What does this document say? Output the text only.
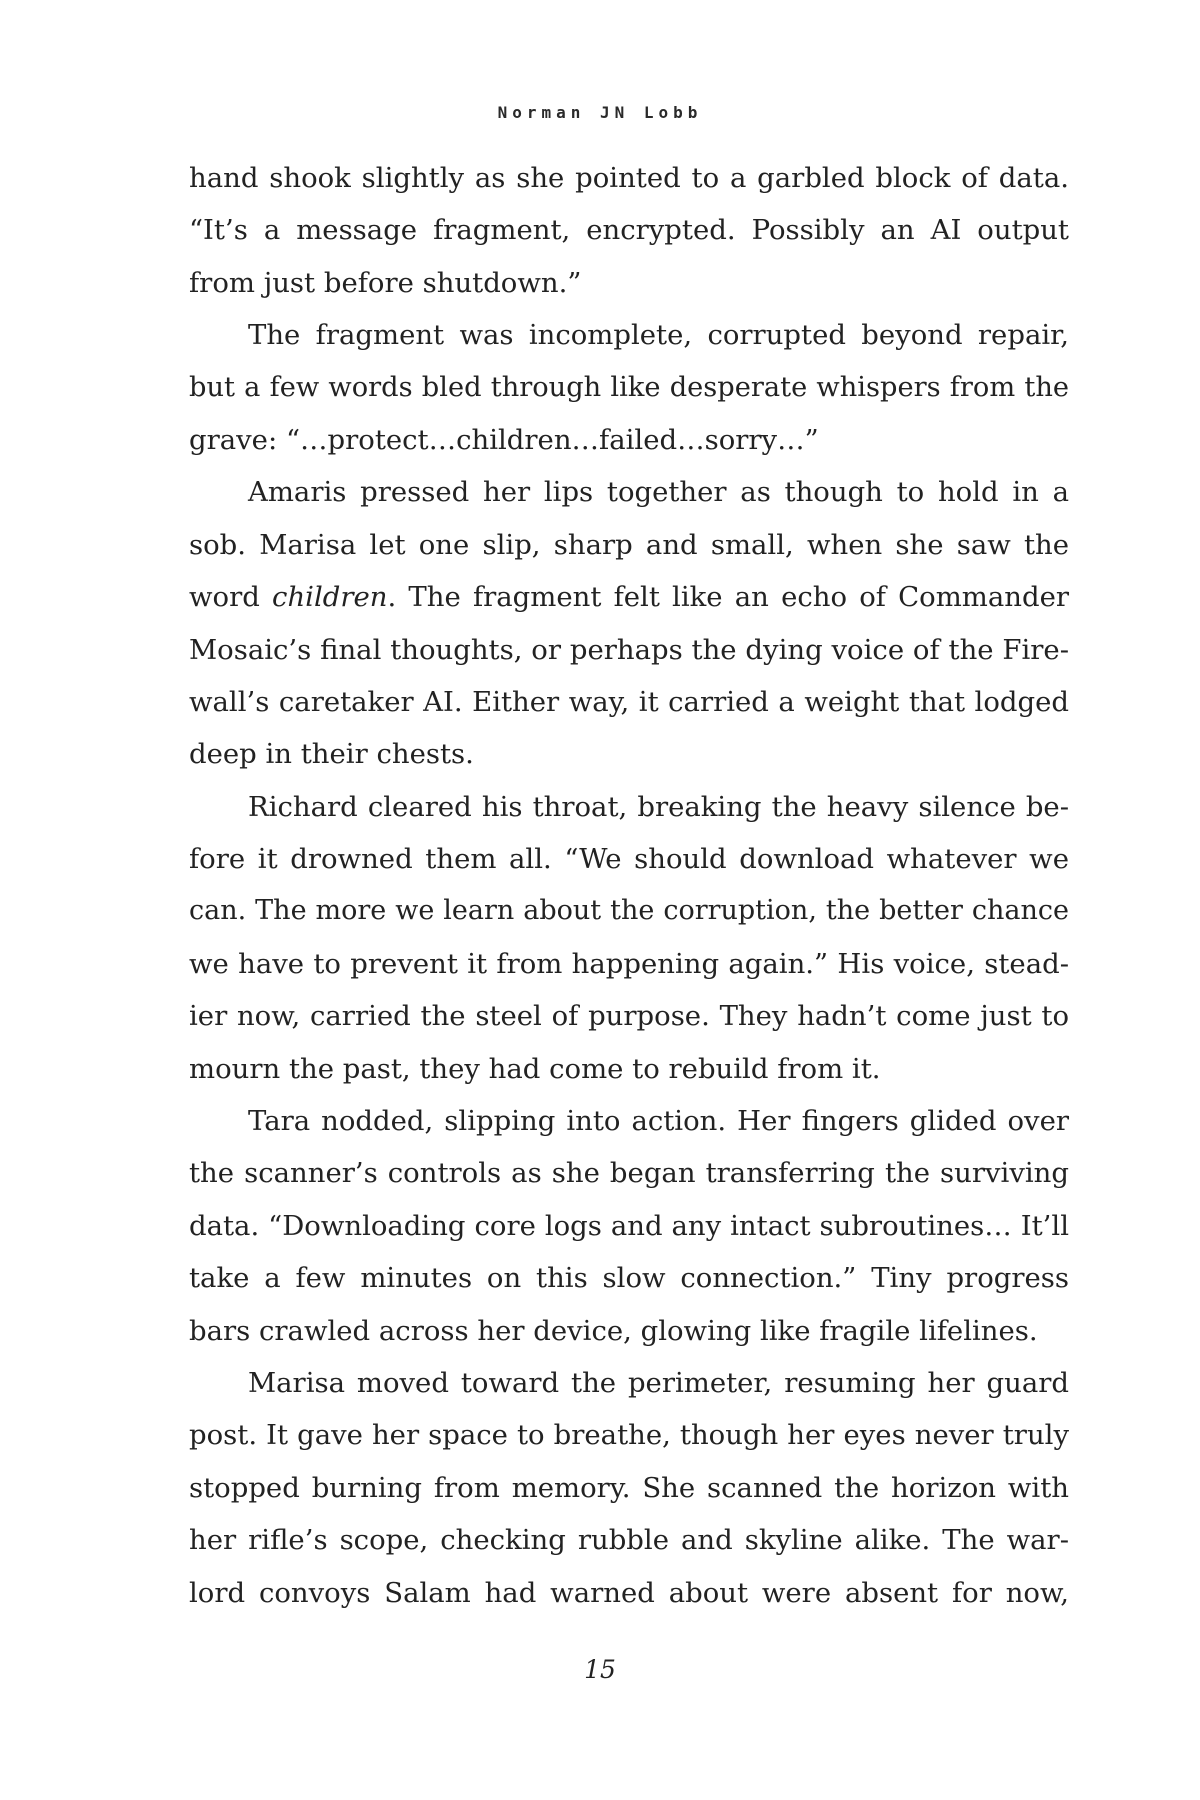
Norman JN Lobb
hand shook slightly as she pointed to a garbled block of data.
“It’s a message fragment, encrypted. Possibly an AI output
from just before shutdown.”
The fragment was incomplete, corrupted beyond repair,
but a few words bled through like desperate whispers from the
grave: “…protect…children…failed…sorry…”
Amaris pressed her lips together as though to hold in a
sob. Marisa let one slip, sharp and small, when she saw the
word children. The fragment felt like an echo of Commander
Mosaic’s final thoughts, or perhaps the dying voice of the Fire-
wall’s caretaker AI. Either way, it carried a weight that lodged
deep in their chests.
Richard cleared his throat, breaking the heavy silence be-
fore it drowned them all. “We should download whatever we
can. The more we learn about the corruption, the better chance
we have to prevent it from happening again.” His voice, stead-
ier now, carried the steel of purpose. They hadn’t come just to
mourn the past, they had come to rebuild from it.
Tara nodded, slipping into action. Her fingers glided over
the scanner’s controls as she began transferring the surviving
data. “Downloading core logs and any intact subroutines… It’ll
take a few minutes on this slow connection.” Tiny progress
bars crawled across her device, glowing like fragile lifelines.
Marisa moved toward the perimeter, resuming her guard
post. It gave her space to breathe, though her eyes never truly
stopped burning from memory. She scanned the horizon with
her rifle’s scope, checking rubble and skyline alike. The war-
lord convoys Salam had warned about were absent for now,
15
